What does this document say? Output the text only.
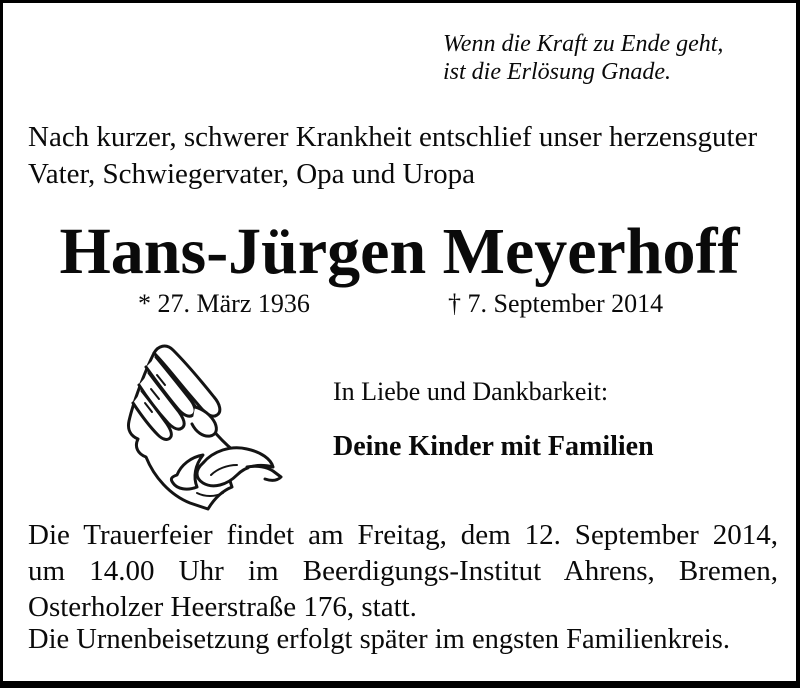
Wenn die Kraft zu Ende geht,
ist die Erlösung Gnade.
Nach kurzer, schwerer Krankheit entschlief unser herzensguter
Vater, Schwiegervater, Opa und Uropa
Hans-Jürgen Meyerhoff
* 27. März 1936	† 7. September 2014
In Liebe und Dankbarkeit:
Deine Kinder mit Familien
Die Trauerfeier findet am Freitag, dem 12. September 2014,
um 14.00 Uhr im Beerdigungs-Institut Ahrens, Bremen,
Osterholzer Heerstraße 176, statt.
Die Urnenbeisetzung erfolgt später im engsten Familienkreis.
